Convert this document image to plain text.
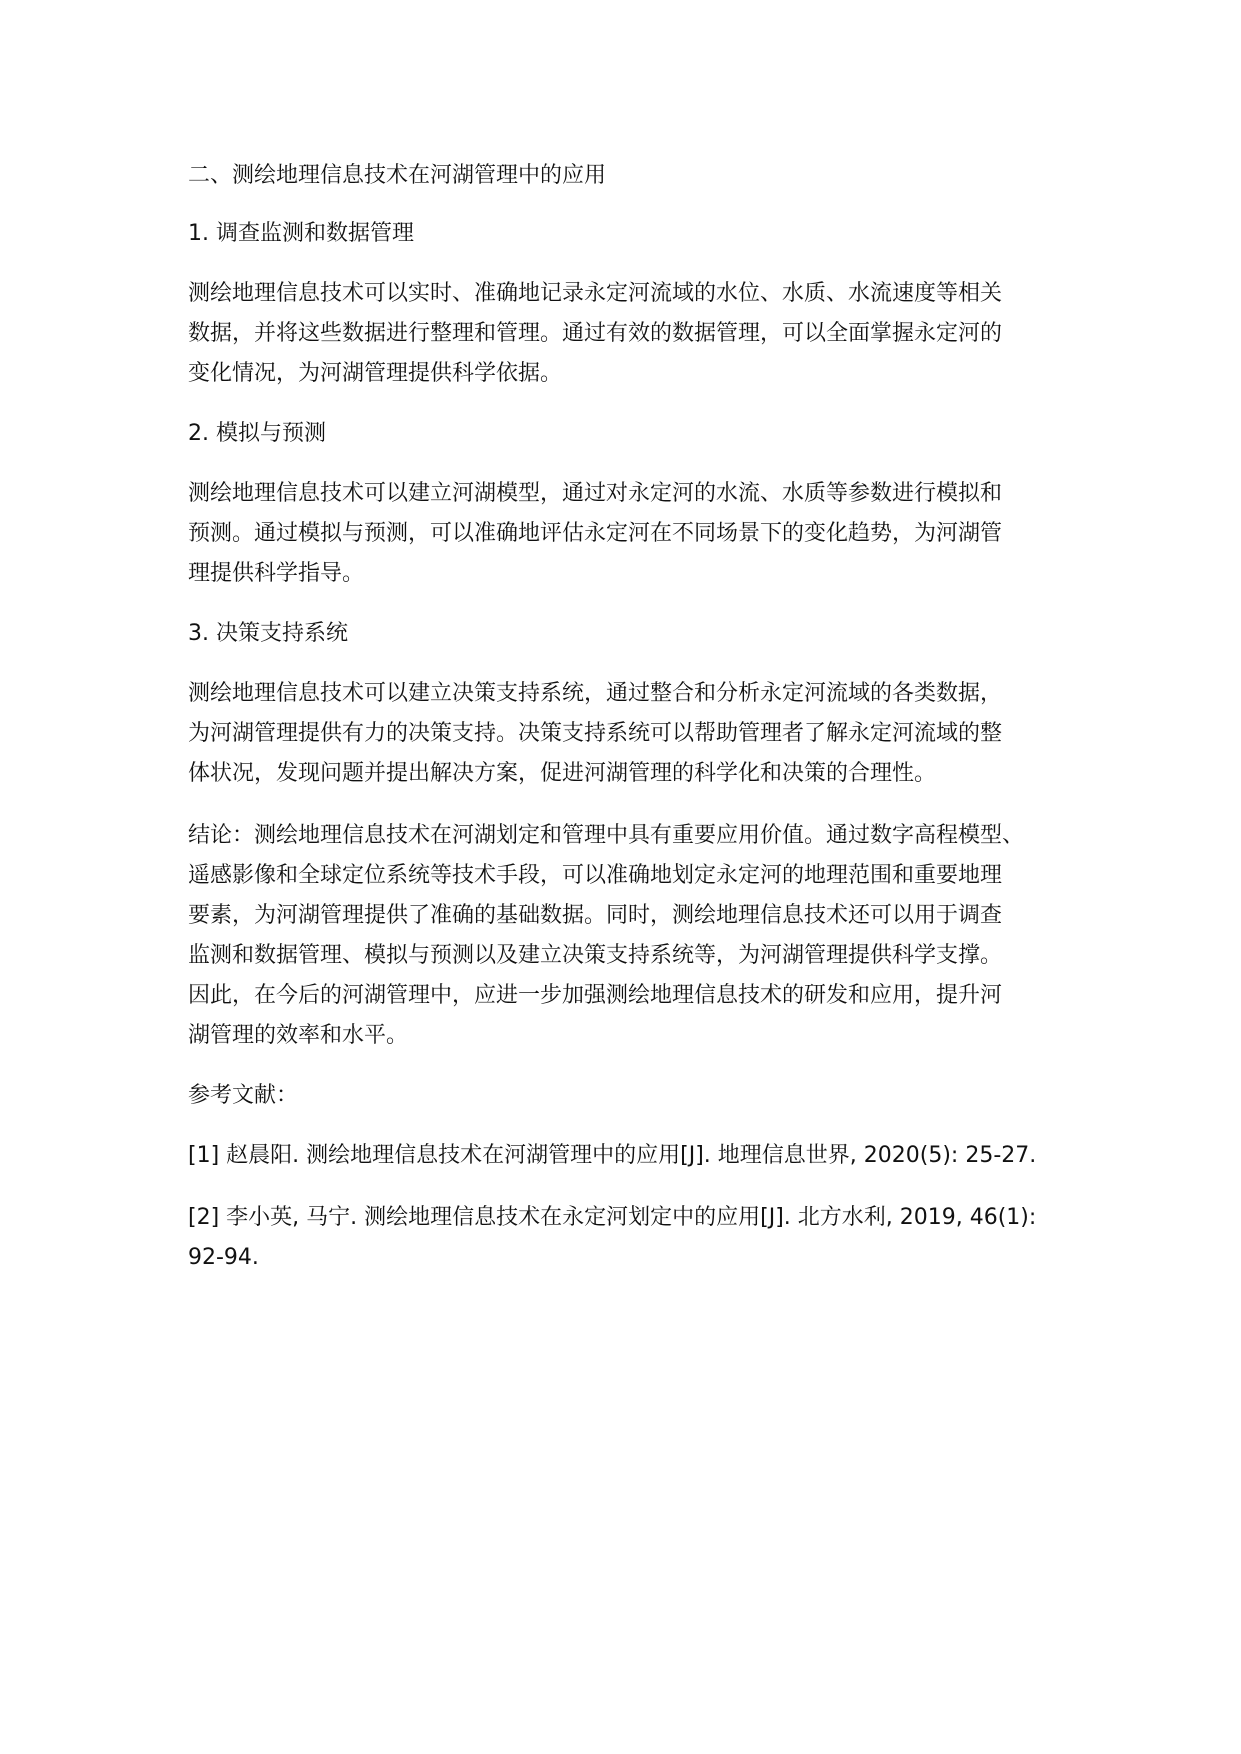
二、测绘地理信息技术在河湖管理中的应用
1. 调查监测和数据管理
测绘地理信息技术可以实时、准确地记录永定河流域的水位、水质、水流速度等相关
数据，并将这些数据进行整理和管理。通过有效的数据管理，可以全面掌握永定河的
变化情况，为河湖管理提供科学依据。
2. 模拟与预测
测绘地理信息技术可以建立河湖模型，通过对永定河的水流、水质等参数进行模拟和
预测。通过模拟与预测，可以准确地评估永定河在不同场景下的变化趋势，为河湖管
理提供科学指导。
3. 决策支持系统
测绘地理信息技术可以建立决策支持系统，通过整合和分析永定河流域的各类数据，
为河湖管理提供有力的决策支持。决策支持系统可以帮助管理者了解永定河流域的整
体状况，发现问题并提出解决方案，促进河湖管理的科学化和决策的合理性。
结论：测绘地理信息技术在河湖划定和管理中具有重要应用价值。通过数字高程模型、
遥感影像和全球定位系统等技术手段，可以准确地划定永定河的地理范围和重要地理
要素，为河湖管理提供了准确的基础数据。同时，测绘地理信息技术还可以用于调查
监测和数据管理、模拟与预测以及建立决策支持系统等，为河湖管理提供科学支撑。
因此，在今后的河湖管理中，应进一步加强测绘地理信息技术的研发和应用，提升河
湖管理的效率和水平。
参考文献：
[1] 赵晨阳. 测绘地理信息技术在河湖管理中的应用[J]. 地理信息世界, 2020(5): 25-27.
[2] 李小英, 马宁. 测绘地理信息技术在永定河划定中的应用[J]. 北方水利, 2019, 46(1):
92-94.
